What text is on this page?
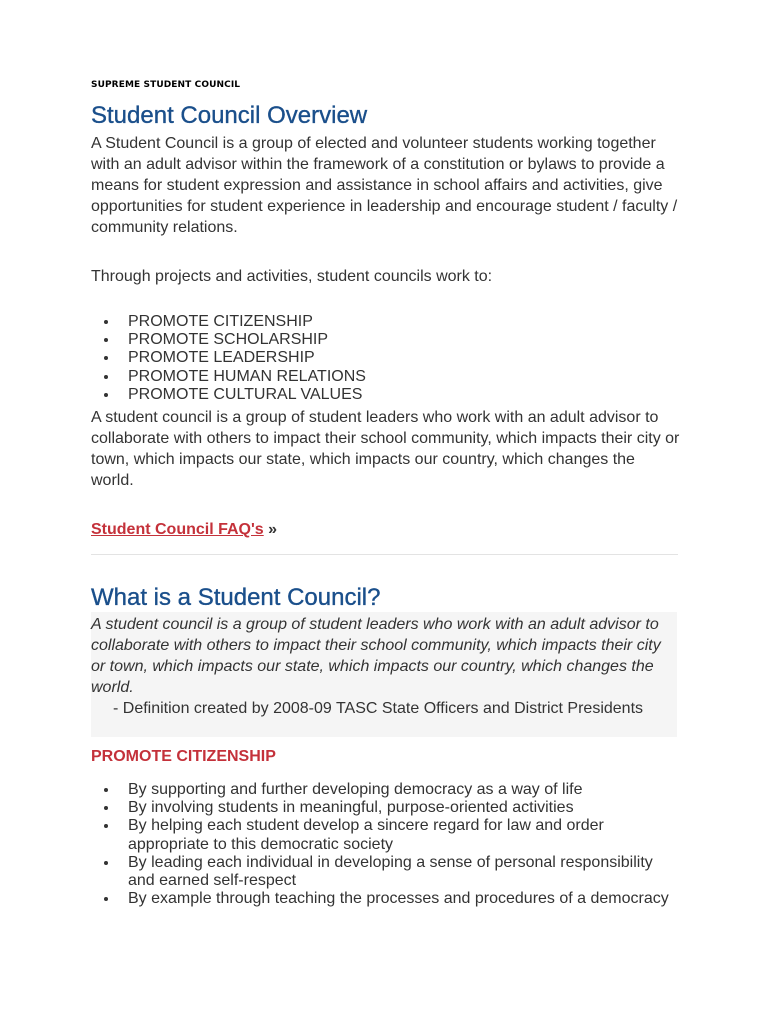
SUPREME STUDENT COUNCIL
Student Council Overview

A Student Council is a group of elected and volunteer students working together with an adult advisor within the framework of a constitution or bylaws to provide a means for student expression and assistance in school affairs and activities, give opportunities for student experience in leadership and encourage student / faculty / community relations.

Through projects and activities, student councils work to:

PROMOTE CITIZENSHIP
PROMOTE SCHOLARSHIP
PROMOTE LEADERSHIP
PROMOTE HUMAN RELATIONS
PROMOTE CULTURAL VALUES

A student council is a group of student leaders who work with an adult advisor to collaborate with others to impact their school community, which impacts their city or town, which impacts our state, which impacts our country, which changes the world.

Student Council FAQ's »
What is a Student Council?
A student council is a group of student leaders who work with an adult advisor to collaborate with others to impact their school community, which impacts their city or town, which impacts our state, which impacts our country, which changes the world.
- Definition created by 2008-09 TASC State Officers and District Presidents
PROMOTE CITIZENSHIP
By supporting and further developing democracy as a way of life
By involving students in meaningful, purpose-oriented activities
By helping each student develop a sincere regard for law and order appropriate to this democratic society
By leading each individual in developing a sense of personal responsibility and earned self-respect
By example through teaching the processes and procedures of a democracy
